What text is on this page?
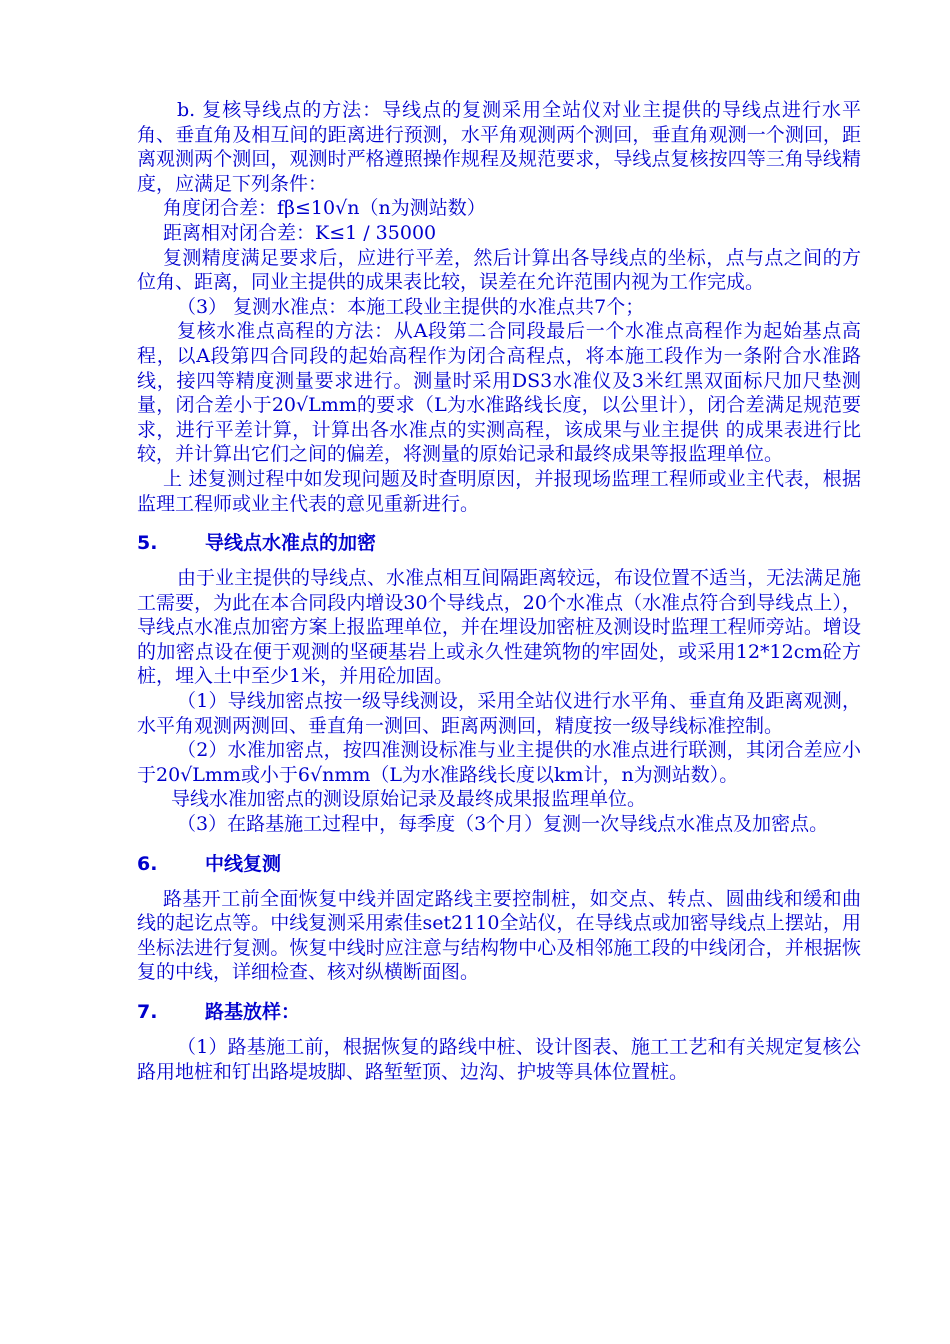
b. 复核导线点的方法：导线点的复测采用全站仪对业主提供的导线点进行水平角、垂直角及相互间的距离进行预测，水平角观测两个测回，垂直角观测一个测回，距离观测两个测回，观测时严格遵照操作规程及规范要求，导线点复核按四等三角导线精度，应满足下列条件：

角度闭合差：fβ≤10√n（n为测站数）

距离相对闭合差：K≤1 / 35000

复测精度满足要求后，应进行平差，然后计算出各导线点的坐标，点与点之间的方位角、距离，同业主提供的成果表比较，误差在允许范围内视为工作完成。

（3） 复测水准点：本施工段业主提供的水准点共7个；

复核水准点高程的方法：从A段第二合同段最后一个水准点高程作为起始基点高程，以A段第四合同段的起始高程作为闭合高程点，将本施工段作为一条附合水准路线，接四等精度测量要求进行。测量时采用DS3水准仪及3米红黑双面标尺加尺垫测量，闭合差小于20√Lmm的要求（L为水准路线长度，以公里计），闭合差满足规范要求，进行平差计算，计算出各水准点的实测高程，该成果与业主提供 的成果表进行比较，并计算出它们之间的偏差，将测量的原始记录和最终成果等报监理单位。

上 述复测过程中如发现问题及时查明原因，并报现场监理工程师或业主代表，根据监理工程师或业主代表的意见重新进行。

5.	导线点水准点的加密

由于业主提供的导线点、水准点相互间隔距离较远，布设位置不适当，无法满足施工需要，为此在本合同段内增设30个导线点，20个水准点（水准点符合到导线点上），导线点水准点加密方案上报监理单位，并在埋设加密桩及测设时监理工程师旁站。增设的加密点设在便于观测的坚硬基岩上或永久性建筑物的牢固处，或采用12*12cm砼方桩，埋入土中至少1米，并用砼加固。

（1）导线加密点按一级导线测设，采用全站仪进行水平角、垂直角及距离观测，水平角观测两测回、垂直角一测回、距离两测回，精度按一级导线标准控制。

（2）水准加密点，按四准测设标准与业主提供的水准点进行联测，其闭合差应小于20√Lmm或小于6√nmm（L为水准路线长度以km计，n为测站数）。

导线水准加密点的测设原始记录及最终成果报监理单位。

（3）在路基施工过程中，每季度（3个月）复测一次导线点水准点及加密点。

6.	中线复测

路基开工前全面恢复中线并固定路线主要控制桩，如交点、转点、圆曲线和缓和曲线的起讫点等。中线复测采用索佳set2110全站仪，在导线点或加密导线点上摆站，用坐标法进行复测。恢复中线时应注意与结构物中心及相邻施工段的中线闭合，并根据恢复的中线，详细检查、核对纵横断面图。

7.	路基放样：

（1）路基施工前，根据恢复的路线中桩、设计图表、施工工艺和有关规定复核公路用地桩和钉出路堤坡脚、路堑堑顶、边沟、护坡等具体位置桩。
